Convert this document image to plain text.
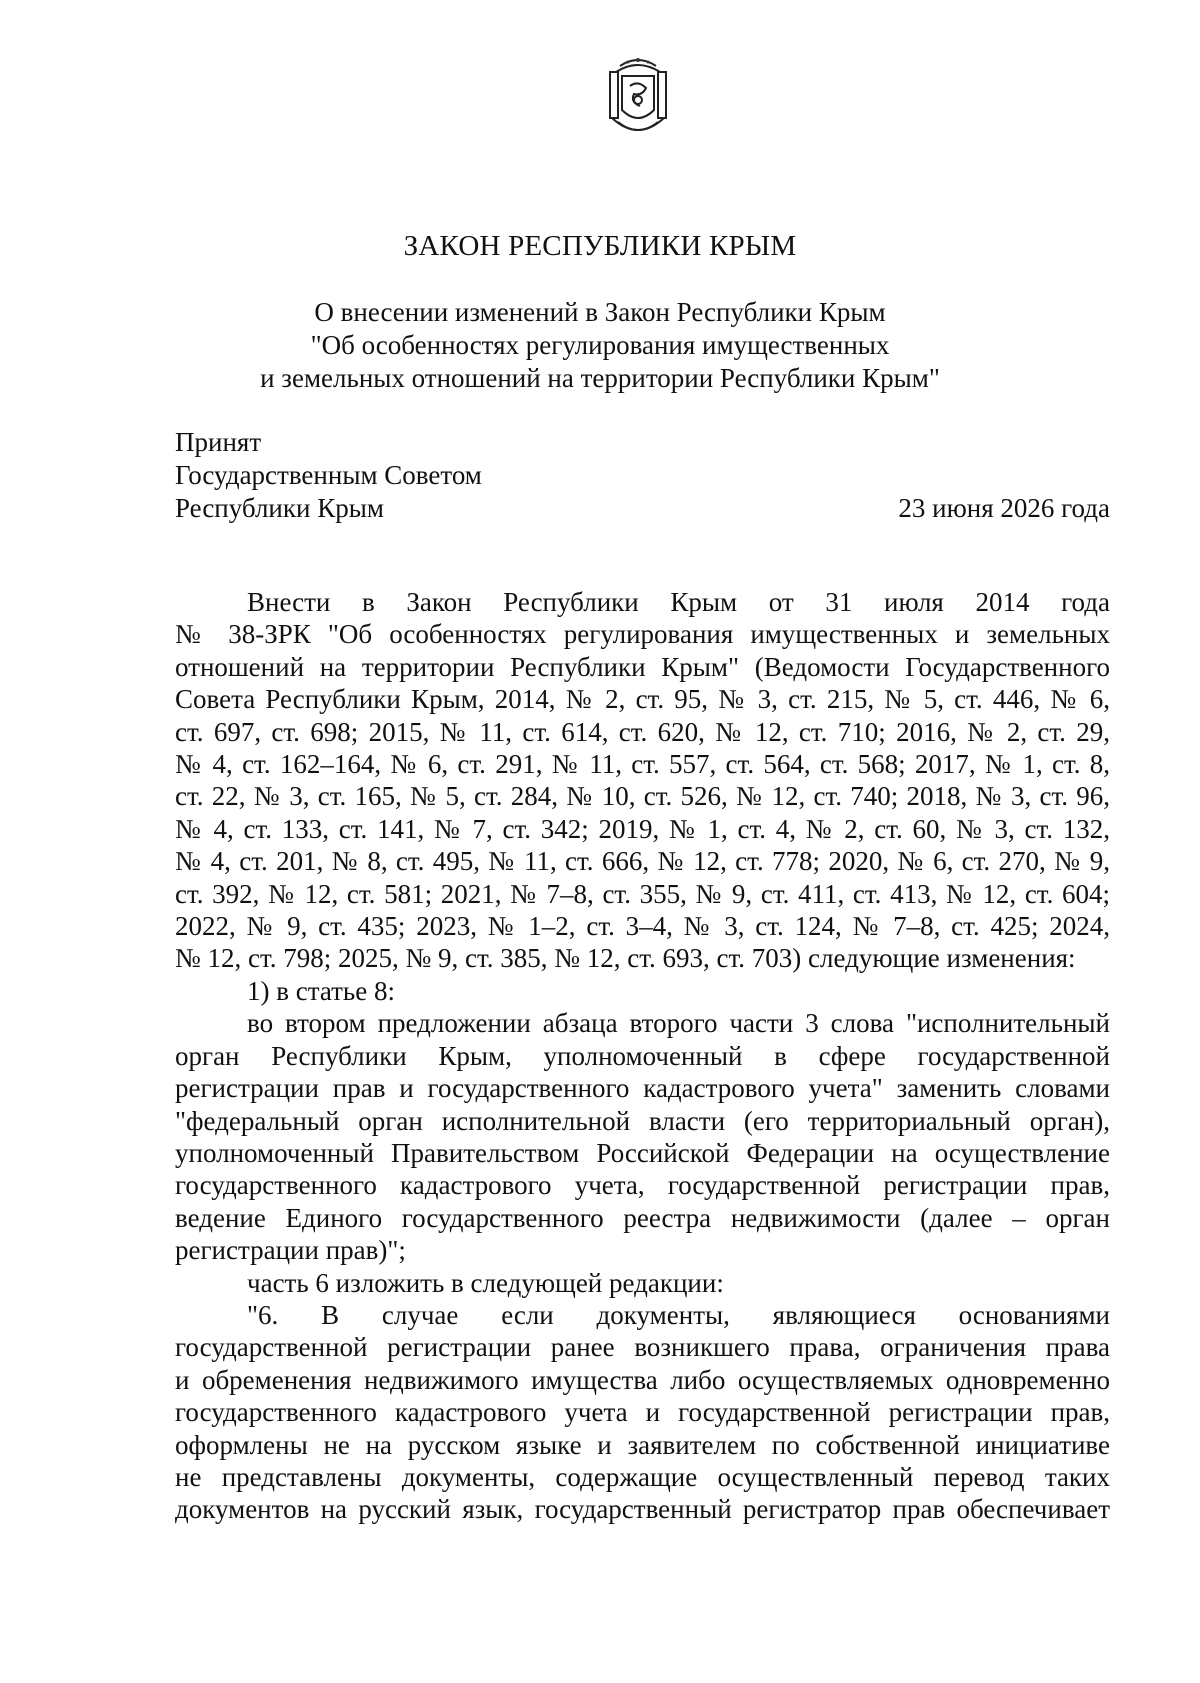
ЗАКОН РЕСПУБЛИКИ КРЫМ
О внесении изменений в Закон Республики Крым
"Об особенностях регулирования имущественных
и земельных отношений на территории Республики Крым"
Принят
Государственным Советом
Республики Крым	23 июня 2026 года
Внести в Закон Республики Крым от 31 июля 2014 года
№ 38-ЗРК "Об особенностях регулирования имущественных и земельных
отношений на территории Республики Крым" (Ведомости Государственного
Совета Республики Крым, 2014, № 2, ст. 95, № 3, ст. 215, № 5, ст. 446, № 6,
ст. 697, ст. 698; 2015, № 11, ст. 614, ст. 620, № 12, ст. 710; 2016, № 2, ст. 29,
№ 4, ст. 162–164, № 6, ст. 291, № 11, ст. 557, ст. 564, ст. 568; 2017, № 1, ст. 8,
ст. 22, № 3, ст. 165, № 5, ст. 284, № 10, ст. 526, № 12, ст. 740; 2018, № 3, ст. 96,
№ 4, ст. 133, ст. 141, № 7, ст. 342; 2019, № 1, ст. 4, № 2, ст. 60, № 3, ст. 132,
№ 4, ст. 201, № 8, ст. 495, № 11, ст. 666, № 12, ст. 778; 2020, № 6, ст. 270, № 9,
ст. 392, № 12, ст. 581; 2021, № 7–8, ст. 355, № 9, ст. 411, ст. 413, № 12, ст. 604;
2022, № 9, ст. 435; 2023, № 1–2, ст. 3–4, № 3, ст. 124, № 7–8, ст. 425; 2024,
№ 12, ст. 798; 2025, № 9, ст. 385, № 12, ст. 693, ст. 703) следующие изменения:
1) в статье 8:
во втором предложении абзаца второго части 3 слова "исполнительный
орган Республики Крым, уполномоченный в сфере государственной
регистрации прав и государственного кадастрового учета" заменить словами
"федеральный орган исполнительной власти (его территориальный орган),
уполномоченный Правительством Российской Федерации на осуществление
государственного кадастрового учета, государственной регистрации прав,
ведение Единого государственного реестра недвижимости (далее – орган
регистрации прав)";
часть 6 изложить в следующей редакции:
"6. В случае если документы, являющиеся основаниями
государственной регистрации ранее возникшего права, ограничения права
и обременения недвижимого имущества либо осуществляемых одновременно
государственного кадастрового учета и государственной регистрации прав,
оформлены не на русском языке и заявителем по собственной инициативе
не представлены документы, содержащие осуществленный перевод таких
документов на русский язык, государственный регистратор прав обеспечивает
